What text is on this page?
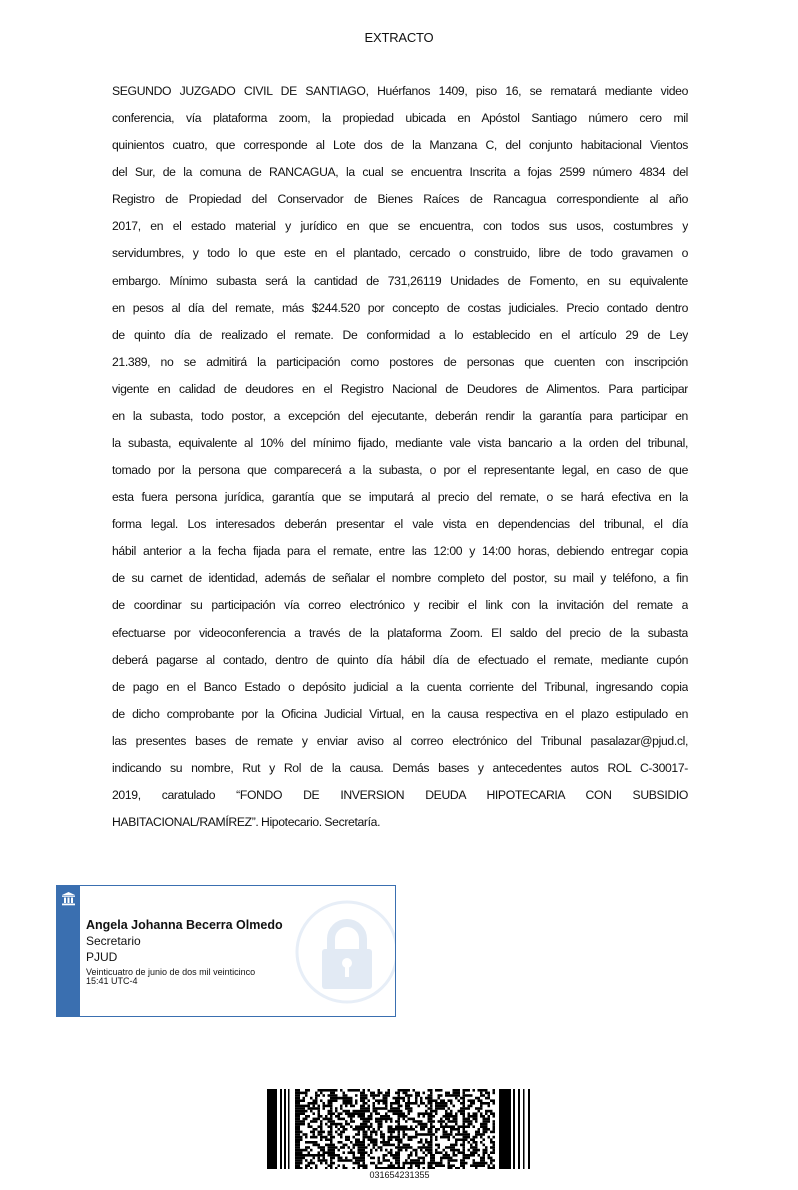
EXTRACTO
SEGUNDO JUZGADO CIVIL DE SANTIAGO, Huérfanos 1409, piso 16, se rematará mediante video
conferencia, vía plataforma zoom, la propiedad ubicada en Apóstol Santiago número cero mil
quinientos cuatro, que corresponde al Lote dos de la Manzana C, del conjunto habitacional Vientos
del Sur, de la comuna de RANCAGUA, la cual se encuentra Inscrita a fojas 2599 número 4834 del
Registro de Propiedad del Conservador de Bienes Raíces de Rancagua correspondiente al año
2017, en el estado material y jurídico en que se encuentra, con todos sus usos, costumbres y
servidumbres, y todo lo que este en el plantado, cercado o construido, libre de todo gravamen o
embargo. Mínimo subasta será la cantidad de 731,26119 Unidades de Fomento, en su equivalente
en pesos al día del remate, más $244.520 por concepto de costas judiciales. Precio contado dentro
de quinto día de realizado el remate. De conformidad a lo establecido en el artículo 29 de Ley
21.389, no se admitirá la participación como postores de personas que cuenten con inscripción
vigente en calidad de deudores en el Registro Nacional de Deudores de Alimentos. Para participar
en la subasta, todo postor, a excepción del ejecutante, deberán rendir la garantía para participar en
la subasta, equivalente al 10% del mínimo fijado, mediante vale vista bancario a la orden del tribunal,
tomado por la persona que comparecerá a la subasta, o por el representante legal, en caso de que
esta fuera persona jurídica, garantía que se imputará al precio del remate, o se hará efectiva en la
forma legal. Los interesados deberán presentar el vale vista en dependencias del tribunal, el día
hábil anterior a la fecha fijada para el remate, entre las 12:00 y 14:00 horas, debiendo entregar copia
de su carnet de identidad, además de señalar el nombre completo del postor, su mail y teléfono, a fin
de coordinar su participación vía correo electrónico y recibir el link con la invitación del remate a
efectuarse por videoconferencia a través de la plataforma Zoom. El saldo del precio de la subasta
deberá pagarse al contado, dentro de quinto día hábil día de efectuado el remate, mediante cupón
de pago en el Banco Estado o depósito judicial a la cuenta corriente del Tribunal, ingresando copia
de dicho comprobante por la Oficina Judicial Virtual, en la causa respectiva en el plazo estipulado en
las presentes bases de remate y enviar aviso al correo electrónico del Tribunal pasalazar@pjud.cl,
indicando su nombre, Rut y Rol de la causa. Demás bases y antecedentes autos ROL C-30017-
2019, caratulado “FONDO DE INVERSION DEUDA HIPOTECARIA CON SUBSIDIO
HABITACIONAL/RAMÍREZ”. Hipotecario. Secretaría.
Angela Johanna Becerra Olmedo
Secretario
PJUD
Veinticuatro de junio de dos mil veinticinco
15:41 UTC-4
031654231355
